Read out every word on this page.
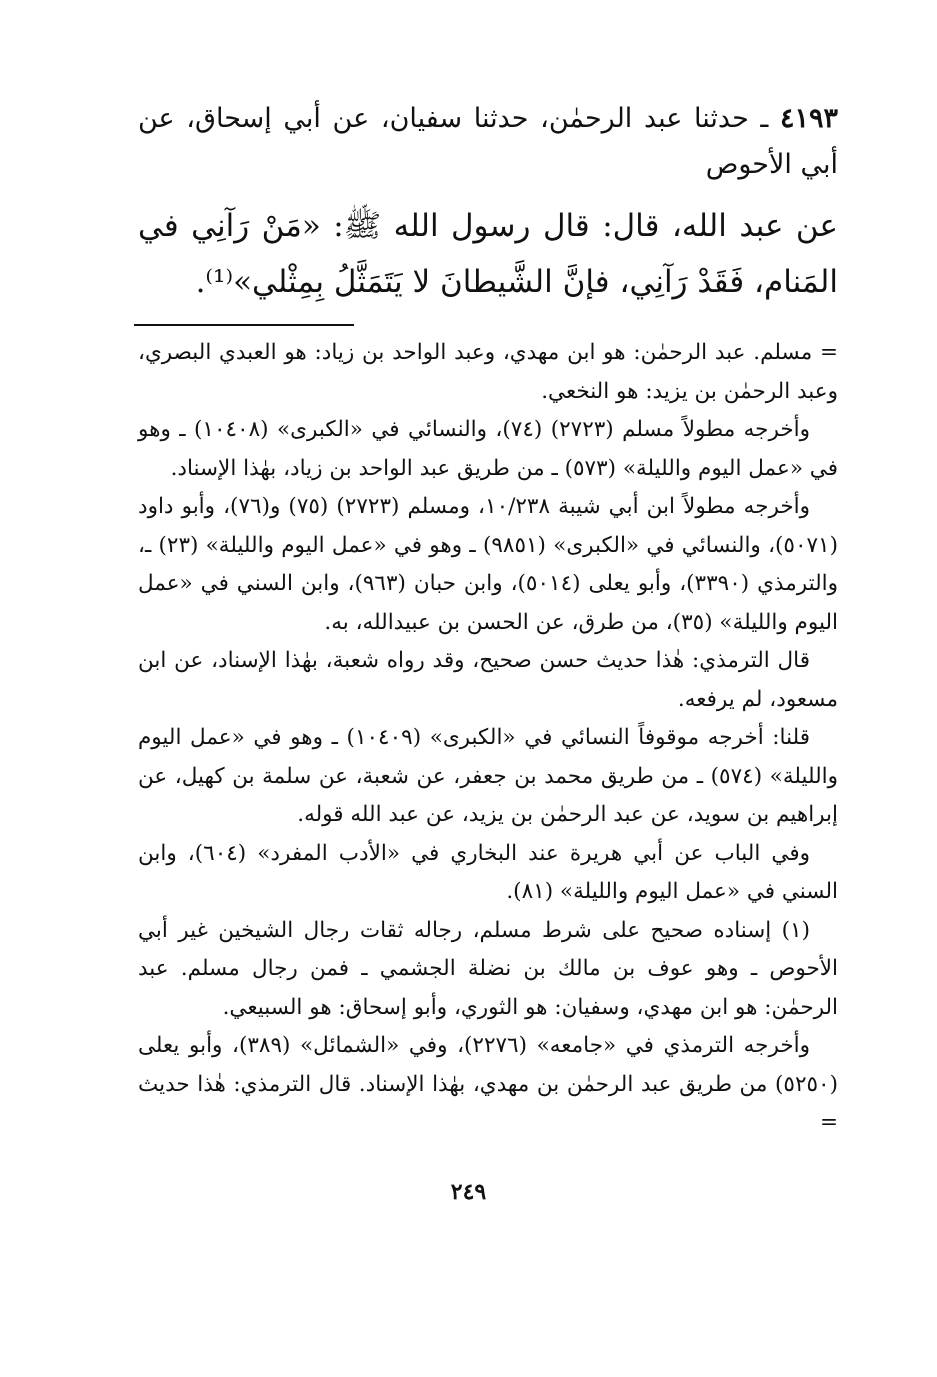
٤١٩٣ ـ حدثنا عبد الرحمٰن، حدثنا سفيان، عن أبي إسحاق، عن أبي الأحوص

عن عبد الله، قال: قال رسول الله ﷺ: «مَنْ رَآنِي في المَنام، فَقَدْ رَآنِي، فإنَّ الشَّيطانَ لا يَتَمَثَّلُ بِمِثْلي»⁽¹⁾.

= مسلم. عبد الرحمٰن: هو ابن مهدي، وعبد الواحد بن زياد: هو العبدي البصري، وعبد الرحمٰن بن يزيد: هو النخعي.

وأخرجه مطولاً مسلم (٢٧٢٣) (٧٤)، والنسائي في «الكبرى» (١٠٤٠٨) ـ وهو في «عمل اليوم والليلة» (٥٧٣) ـ من طريق عبد الواحد بن زياد، بهٰذا الإسناد.

وأخرجه مطولاً ابن أبي شيبة ١٠/٢٣٨، ومسلم (٢٧٢٣) (٧٥) و(٧٦)، وأبو داود (٥٠٧١)، والنسائي في «الكبرى» (٩٨٥١) ـ وهو في «عمل اليوم والليلة» (٢٣) ـ، والترمذي (٣٣٩٠)، وأبو يعلى (٥٠١٤)، وابن حبان (٩٦٣)، وابن السني في «عمل اليوم والليلة» (٣٥)، من طرق، عن الحسن بن عبيدالله، به.

قال الترمذي: هٰذا حديث حسن صحيح، وقد رواه شعبة، بهٰذا الإسناد، عن ابن مسعود، لم يرفعه.

قلنا: أخرجه موقوفاً النسائي في «الكبرى» (١٠٤٠٩) ـ وهو في «عمل اليوم والليلة» (٥٧٤) ـ من طريق محمد بن جعفر، عن شعبة، عن سلمة بن كهيل، عن إبراهيم بن سويد، عن عبد الرحمٰن بن يزيد، عن عبد الله قوله.

وفي الباب عن أبي هريرة عند البخاري في «الأدب المفرد» (٦٠٤)، وابن السني في «عمل اليوم والليلة» (٨١).

(١) إسناده صحيح على شرط مسلم، رجاله ثقات رجال الشيخين غير أبي الأحوص ـ وهو عوف بن مالك بن نضلة الجشمي ـ فمن رجال مسلم. عبد الرحمٰن: هو ابن مهدي، وسفيان: هو الثوري، وأبو إسحاق: هو السبيعي.

وأخرجه الترمذي في «جامعه» (٢٢٧٦)، وفي «الشمائل» (٣٨٩)، وأبو يعلى (٥٢٥٠) من طريق عبد الرحمٰن بن مهدي، بهٰذا الإسناد. قال الترمذي: هٰذا حديث =

٢٤٩
